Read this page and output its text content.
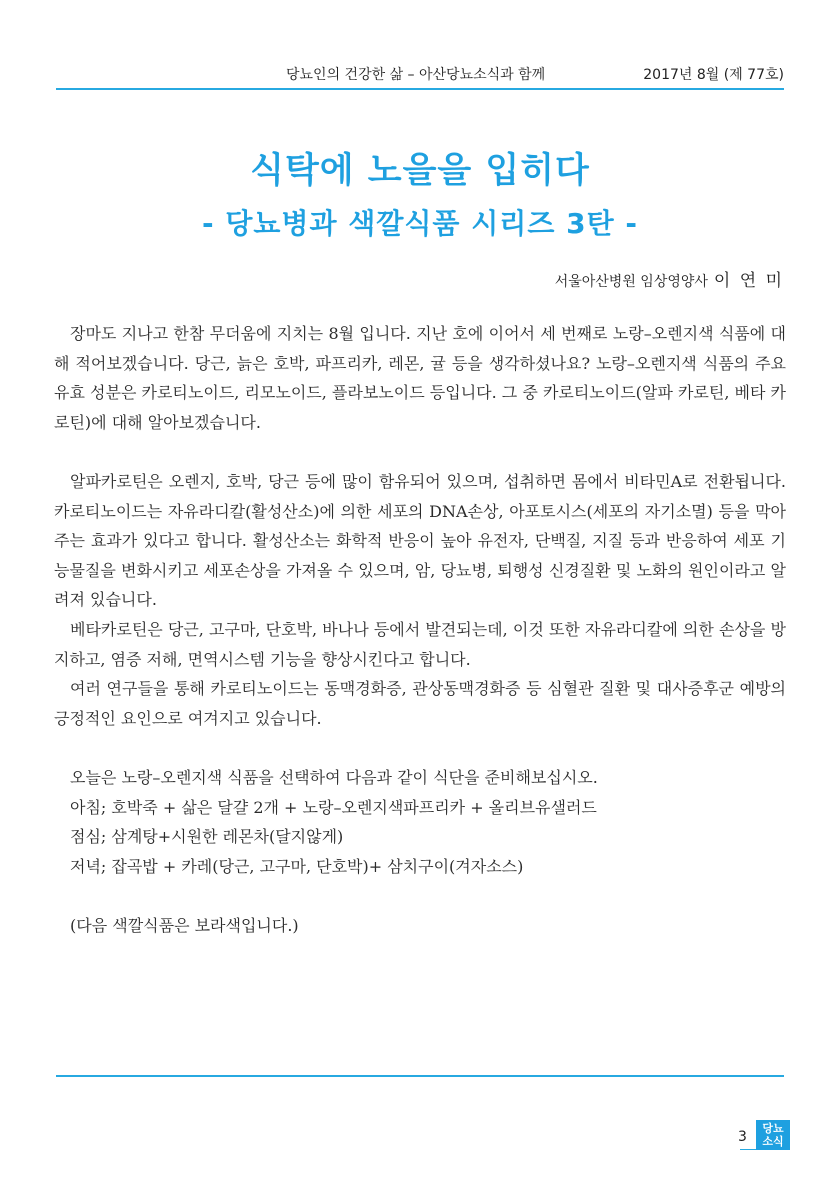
당뇨인의 건강한 삶 – 아산당뇨소식과 함께	2017년 8월 (제 77호)
식탁에 노을을 입히다
- 당뇨병과 색깔식품 시리즈 3탄 -
서울아산병원 임상영양사 이 연 미

장마도 지나고 한참 무더움에 지치는 8월 입니다. 지난 호에 이어서 세 번째로 노랑–오렌지색 식품에 대해 적어보겠습니다. 당근, 늙은 호박, 파프리카, 레몬, 귤 등을 생각하셨나요? 노랑–오렌지색 식품의 주요 유효 성분은 카로티노이드, 리모노이드, 플라보노이드 등입니다. 그 중 카로티노이드(알파 카로틴, 베타 카로틴)에 대해 알아보겠습니다.

알파카로틴은 오렌지, 호박, 당근 등에 많이 함유되어 있으며, 섭취하면 몸에서 비타민A로 전환됩니다. 카로티노이드는 자유라디칼(활성산소)에 의한 세포의 DNA손상, 아포토시스(세포의 자기소멸) 등을 막아주는 효과가 있다고 합니다. 활성산소는 화학적 반응이 높아 유전자, 단백질, 지질 등과 반응하여 세포 기능물질을 변화시키고 세포손상을 가져올 수 있으며, 암, 당뇨병, 퇴행성 신경질환 및 노화의 원인이라고 알려져 있습니다.

베타카로틴은 당근, 고구마, 단호박, 바나나 등에서 발견되는데, 이것 또한 자유라디칼에 의한 손상을 방지하고, 염증 저해, 면역시스템 기능을 향상시킨다고 합니다.

여러 연구들을 통해 카로티노이드는 동맥경화증, 관상동맥경화증 등 심혈관 질환 및 대사증후군 예방의 긍정적인 요인으로 여겨지고 있습니다.

오늘은 노랑–오렌지색 식품을 선택하여 다음과 같이 식단을 준비해보십시오.

아침; 호박죽 + 삶은 달걀 2개 + 노랑–오렌지색파프리카 + 올리브유샐러드

점심; 삼계탕+시원한 레몬차(달지않게)

저녁; 잡곡밥 + 카레(당근, 고구마, 단호박)+ 삼치구이(겨자소스)

(다음 색깔식품은 보라색입니다.)

3
당뇨
소식
